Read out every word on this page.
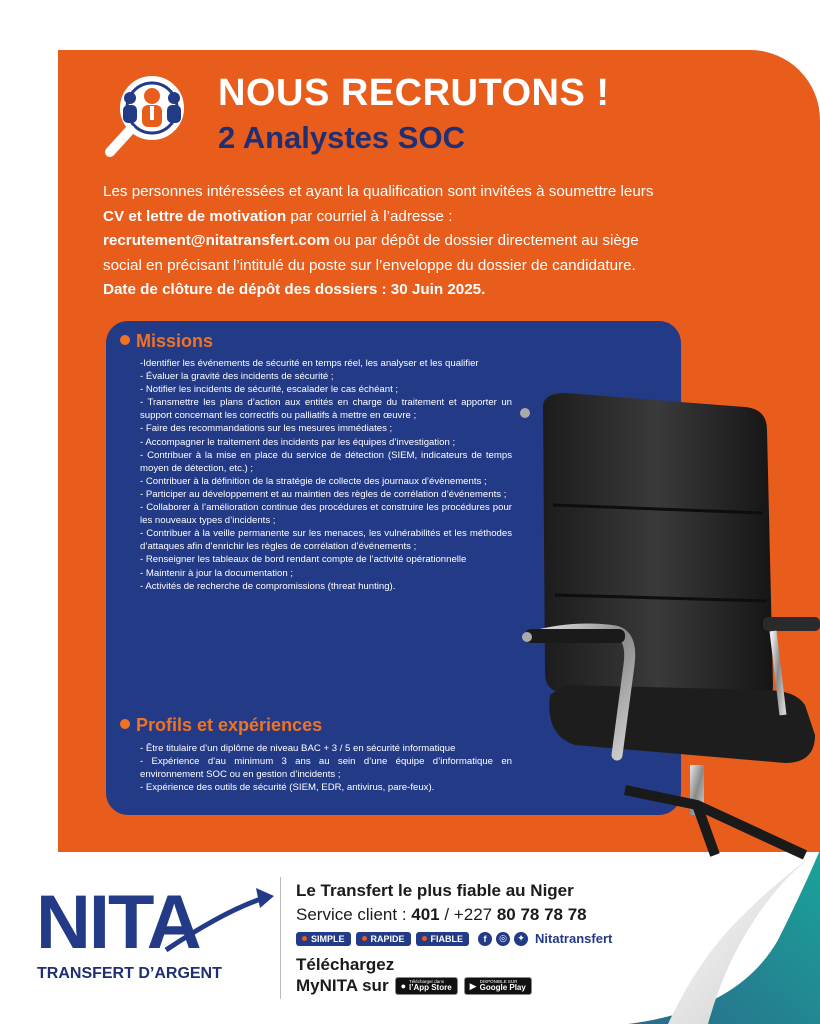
NOUS RECRUTONS !
2 Analystes SOC
Les personnes intéressées et ayant la qualification sont invitées à soumettre leurs
CV et lettre de motivation par courriel à l’adresse :
recrutement@nitatransfert.com ou par dépôt de dossier directement au siège
social en précisant l’intitulé du poste sur l’enveloppe du dossier de candidature.
Date de clôture de dépôt des dossiers : 30 Juin 2025.
Missions
-Identifier les événements de sécurité en temps réel, les analyser et les qualifier
- Évaluer la gravité des incidents de sécurité ;
- Notifier les incidents de sécurité, escalader le cas échéant ;
- Transmettre les plans d’action aux entités en charge du traitement et apporter un support concernant les correctifs ou palliatifs à mettre en œuvre ;
- Faire des recommandations sur les mesures immédiates ;
- Accompagner le traitement des incidents par les équipes d’investigation ;
- Contribuer à la mise en place du service de détection (SIEM, indicateurs de temps moyen de détection, etc.) ;
- Contribuer à la définition de la stratégie de collecte des journaux d’évènements ;
- Participer au développement et au maintien des règles de corrélation d’événements ;
- Collaborer à l’amélioration continue des procédures et construire les procédures pour les nouveaux types d’incidents ;
- Contribuer à la veille permanente sur les menaces, les vulnérabilités et les méthodes d’attaques afin d’enrichir les règles de corrélation d’événements ;
- Renseigner les tableaux de bord rendant compte de l’activité opérationnelle
- Maintenir à jour la documentation ;
- Activités de recherche de compromissions (threat hunting).
Profils et expériences
- Être titulaire d’un diplôme de niveau BAC + 3 / 5 en sécurité informatique
- Expérience d’au minimum 3 ans au sein d’une équipe d’informatique en environnement SOC ou en gestion d’incidents ;
- Expérience des outils de sécurité (SIEM, EDR, antivirus, pare-feux).
NITA
TRANSFERT D’ARGENT
Le Transfert le plus fiable au Niger
Service client : 401 / +227 80 78 78 78
SIMPLE	RAPIDE	FIABLE	f	◎	✦ Nitatransfert
Téléchargez
MyNITA sur ● Télécharger dans
l’App Store ▶ DISPONIBLE SUR
Google Play
